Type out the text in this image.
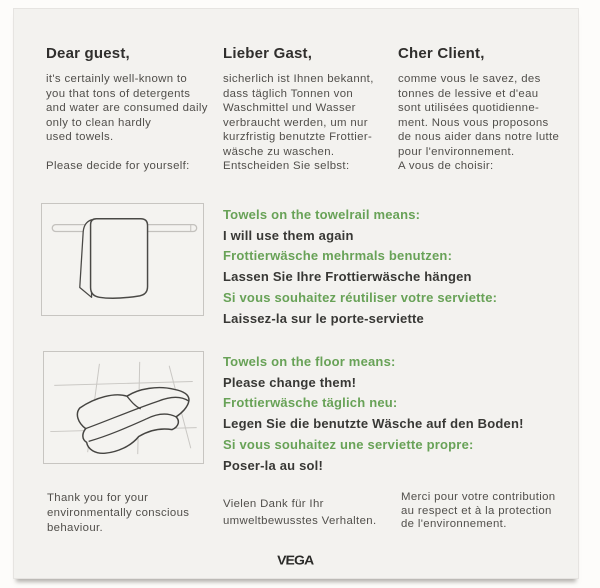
Dear guest,	Lieber Gast,	Cher Client,
it's certainly well-known to
you that tons of detergents
and water are consumed daily
only to clean hardly
used towels.
Please decide for yourself:
sicherlich ist Ihnen bekannt,
dass täglich Tonnen von
Waschmittel und Wasser
verbraucht werden, um nur
kurzfristig benutzte Frottier-
wäsche zu waschen.
Entscheiden Sie selbst:
comme vous le savez, des
tonnes de lessive et d'eau
sont utilisées quotidienne-
ment. Nous vous proposons
de nous aider dans notre lutte
pour l'environnement.
A vous de choisir:
Towels on the towelrail means:
I will use them again
Frottierwäsche mehrmals benutzen:
Lassen Sie Ihre Frottierwäsche hängen
Si vous souhaitez réutiliser votre serviette:
Laissez-la sur le porte-serviette
Towels on the floor means:
Please change them!
Frottierwäsche täglich neu:
Legen Sie die benutzte Wäsche auf den Boden!
Si vous souhaitez une serviette propre:
Poser-la au sol!
Thank you for your
environmentally conscious
behaviour.
Vielen Dank für Ihr
umweltbewusstes Verhalten.
Merci pour votre contribution
au respect et à la protection
de l'environnement.
VEGA
